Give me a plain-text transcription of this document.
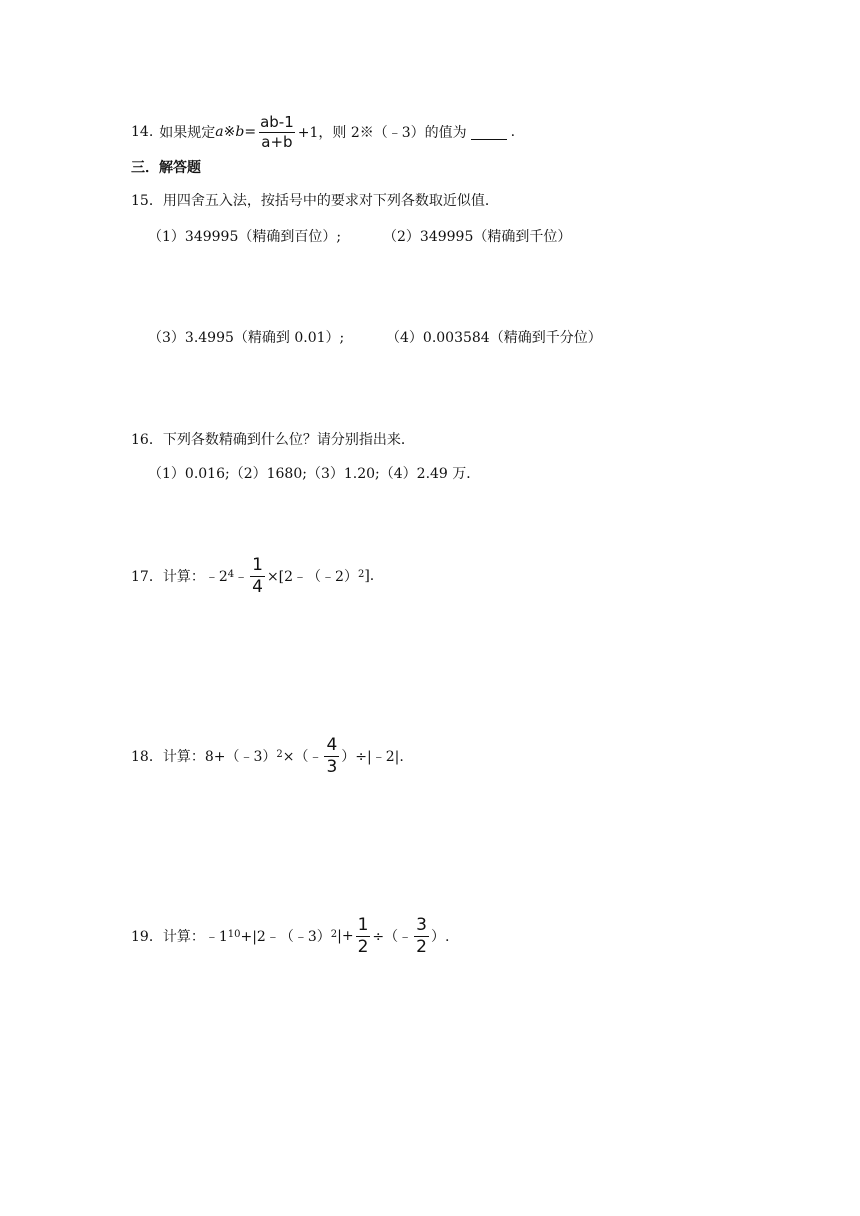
14. 如果规定 a ※ $b = \frac{ab-1}{a+b} +1$，则 2※（﹣3）的值为	.
三．解答题
15．用四舍五入法，按括号中的要求对下列各数取近似值．
（1）349995（精确到百位）;	（2）349995（精确到千位）
（3）3.4995（精确到 0.01）;	（4）0.003584（精确到千分位）
16．下列各数精确到什么位？请分别指出来．
（1）0.016;（2）1680;（3）1.20;（4）2.49 万．
17．计算： $﹣2^4$ ﹣ $\frac{1}{4}$ ×[2﹣（﹣2）$^2$ ].
18．计算：8+（﹣3）$^2$ ×（﹣ $\frac{4}{3}$ ）÷|﹣2|.
19．计算：$﹣1^{10}$ +|2﹣（﹣3）$^2$ |+ $\frac{1}{2}$ ÷（﹣ $\frac{3}{2}$ ）.
